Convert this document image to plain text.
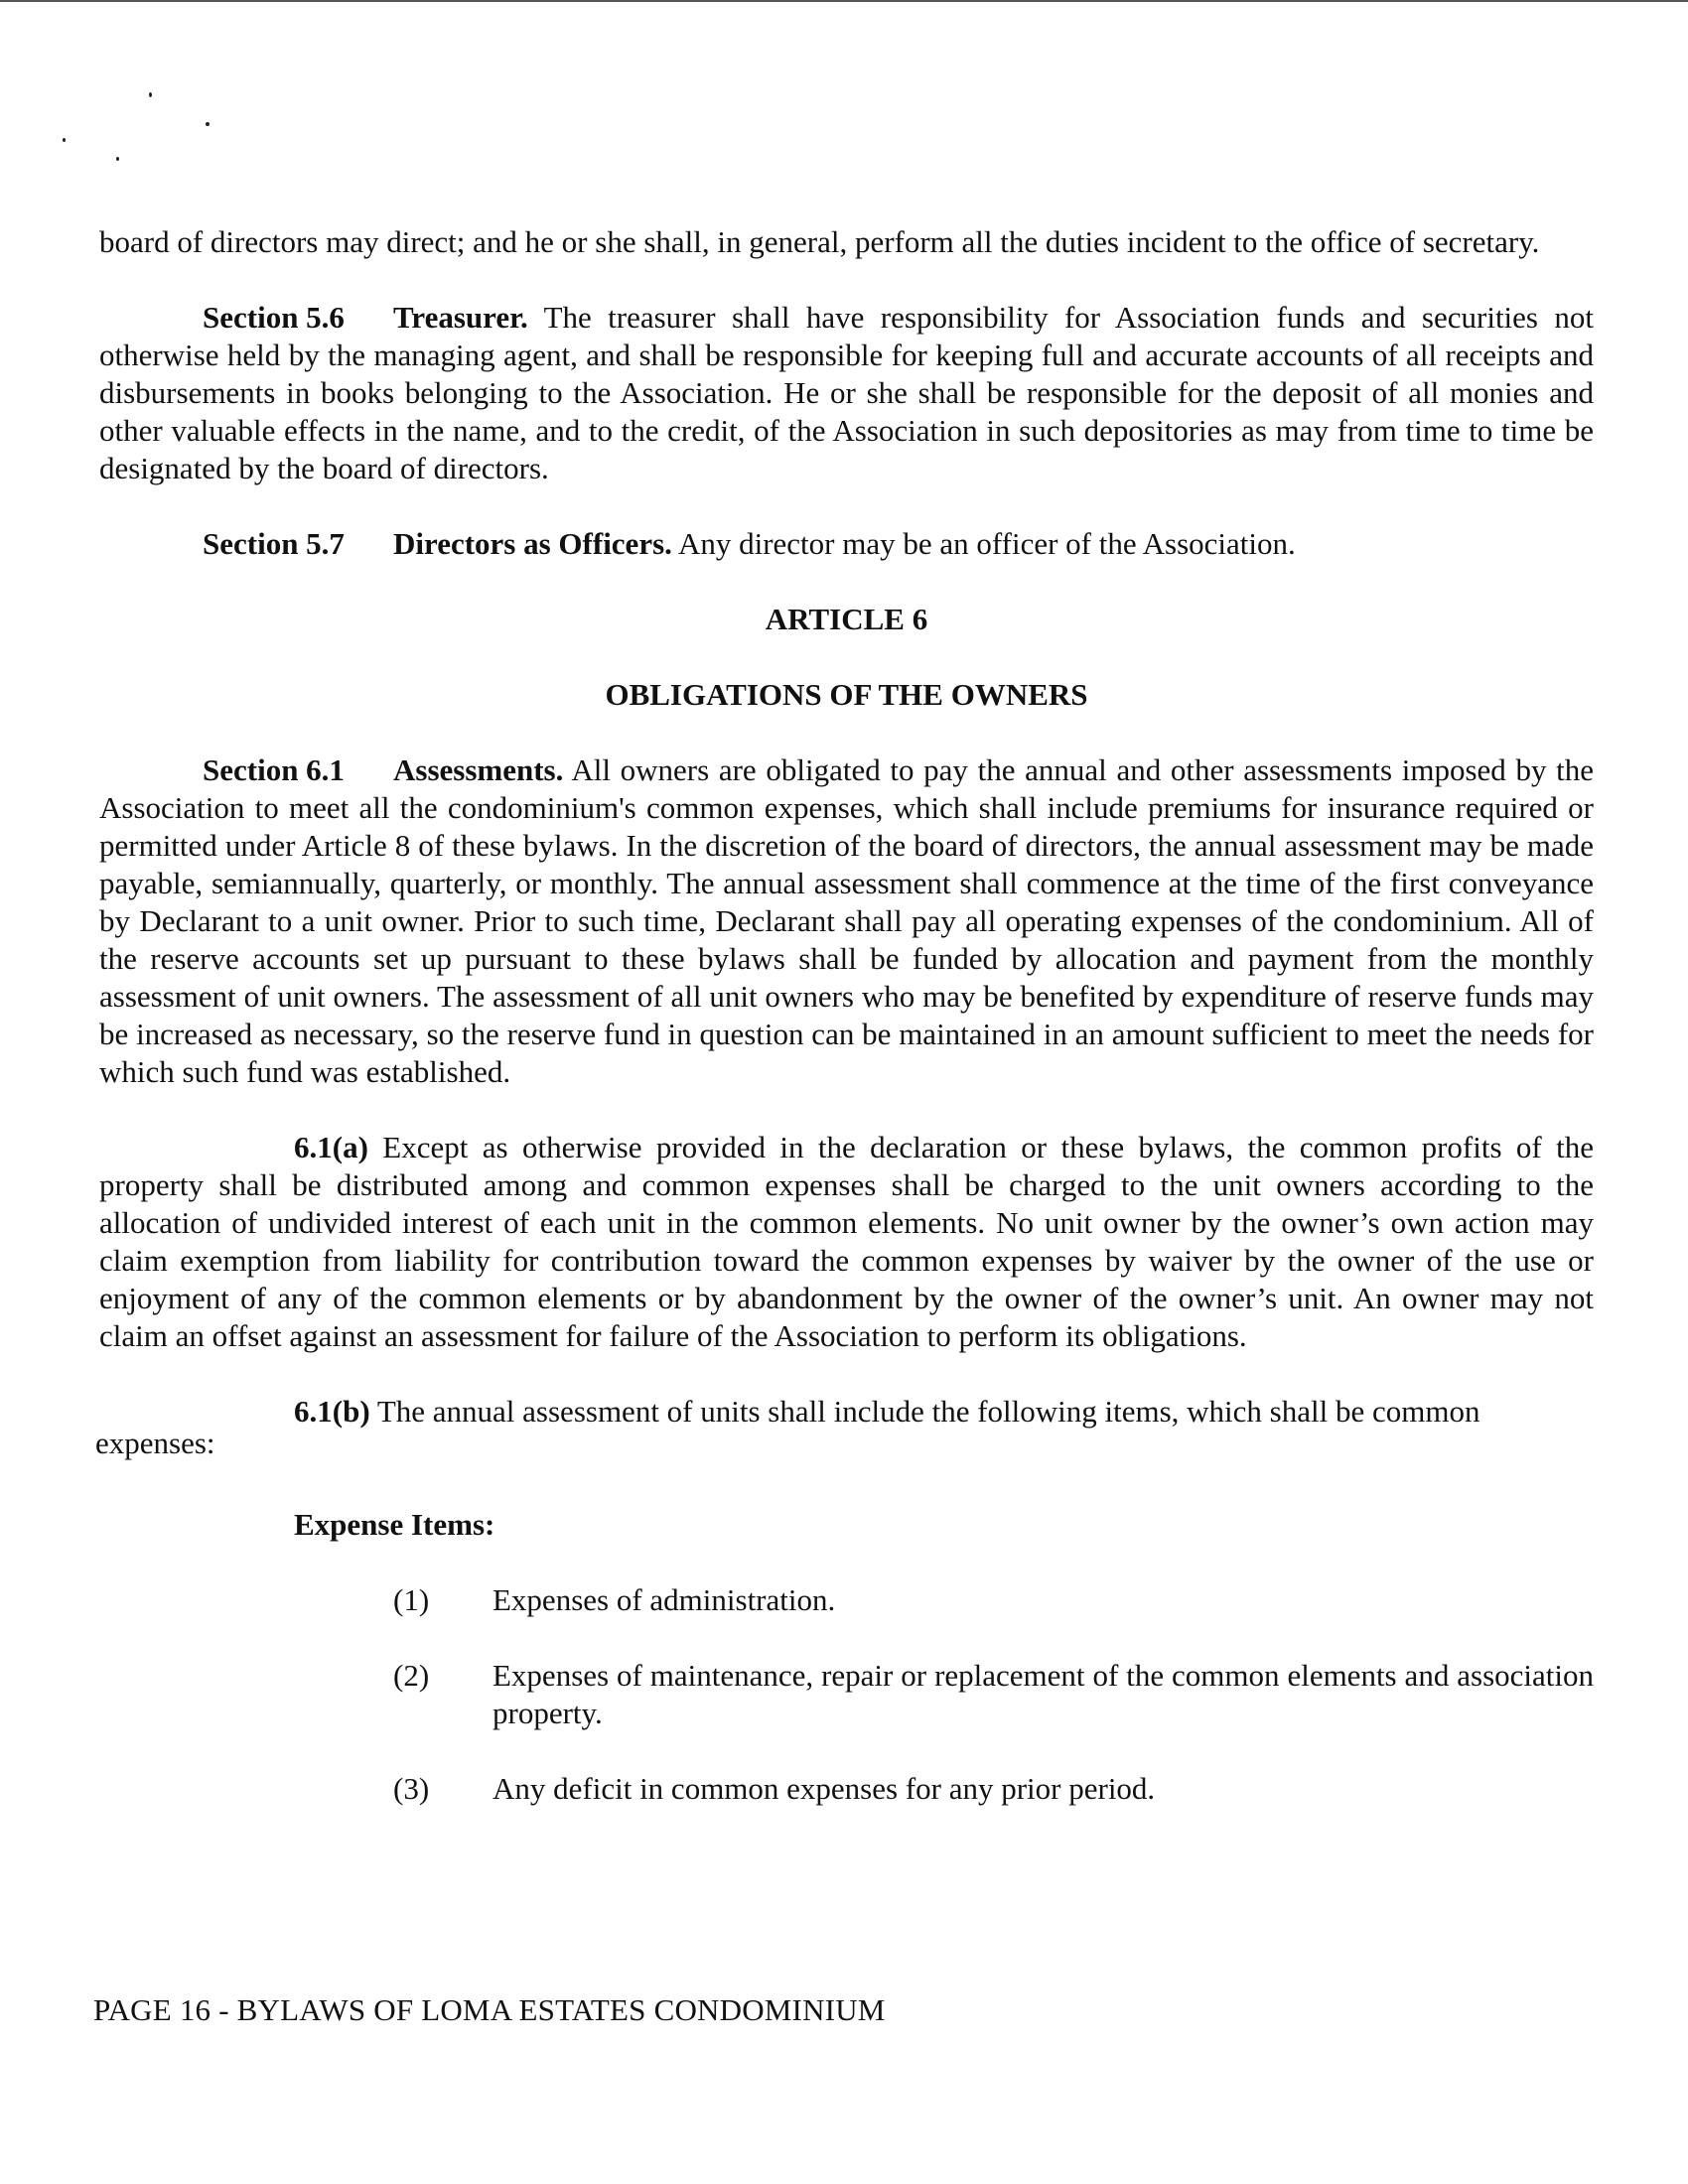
board of directors may direct; and he or she shall, in general, perform all the duties incident to the office of secretary.

Section 5.6 Treasurer. The treasurer shall have responsibility for Association funds and securities not otherwise held by the managing agent, and shall be responsible for keeping full and accurate accounts of all receipts and disbursements in books belonging to the Association. He or she shall be responsible for the deposit of all monies and other valuable effects in the name, and to the credit, of the Association in such depositories as may from time to time be designated by the board of directors.

Section 5.7 Directors as Officers. Any director may be an officer of the Association.

ARTICLE 6
OBLIGATIONS OF THE OWNERS

Section 6.1 Assessments. All owners are obligated to pay the annual and other assessments imposed by the Association to meet all the condominium's common expenses, which shall include premiums for insurance required or permitted under Article 8 of these bylaws. In the discretion of the board of directors, the annual assessment may be made payable, semiannually, quarterly, or monthly. The annual assessment shall commence at the time of the first conveyance by Declarant to a unit owner. Prior to such time, Declarant shall pay all operating expenses of the condominium. All of the reserve accounts set up pursuant to these bylaws shall be funded by allocation and payment from the monthly assessment of unit owners. The assessment of all unit owners who may be benefited by expenditure of reserve funds may be increased as necessary, so the reserve fund in question can be maintained in an amount sufficient to meet the needs for which such fund was established.

6.1(a) Except as otherwise provided in the declaration or these bylaws, the common profits of the property shall be distributed among and common expenses shall be charged to the unit owners according to the allocation of undivided interest of each unit in the common elements. No unit owner by the owner’s own action may claim exemption from liability for contribution toward the common expenses by waiver by the owner of the use or enjoyment of any of the common elements or by abandonment by the owner of the owner’s unit. An owner may not claim an offset against an assessment for failure of the Association to perform its obligations.

6.1(b) The annual assessment of units shall include the following items, which shall be common

expenses:

Expense Items:
(1)	Expenses of administration.
(2)	Expenses of maintenance, repair or replacement of the common elements and association property.
(3)	Any deficit in common expenses for any prior period.
PAGE 16 - BYLAWS OF LOMA ESTATES CONDOMINIUM
